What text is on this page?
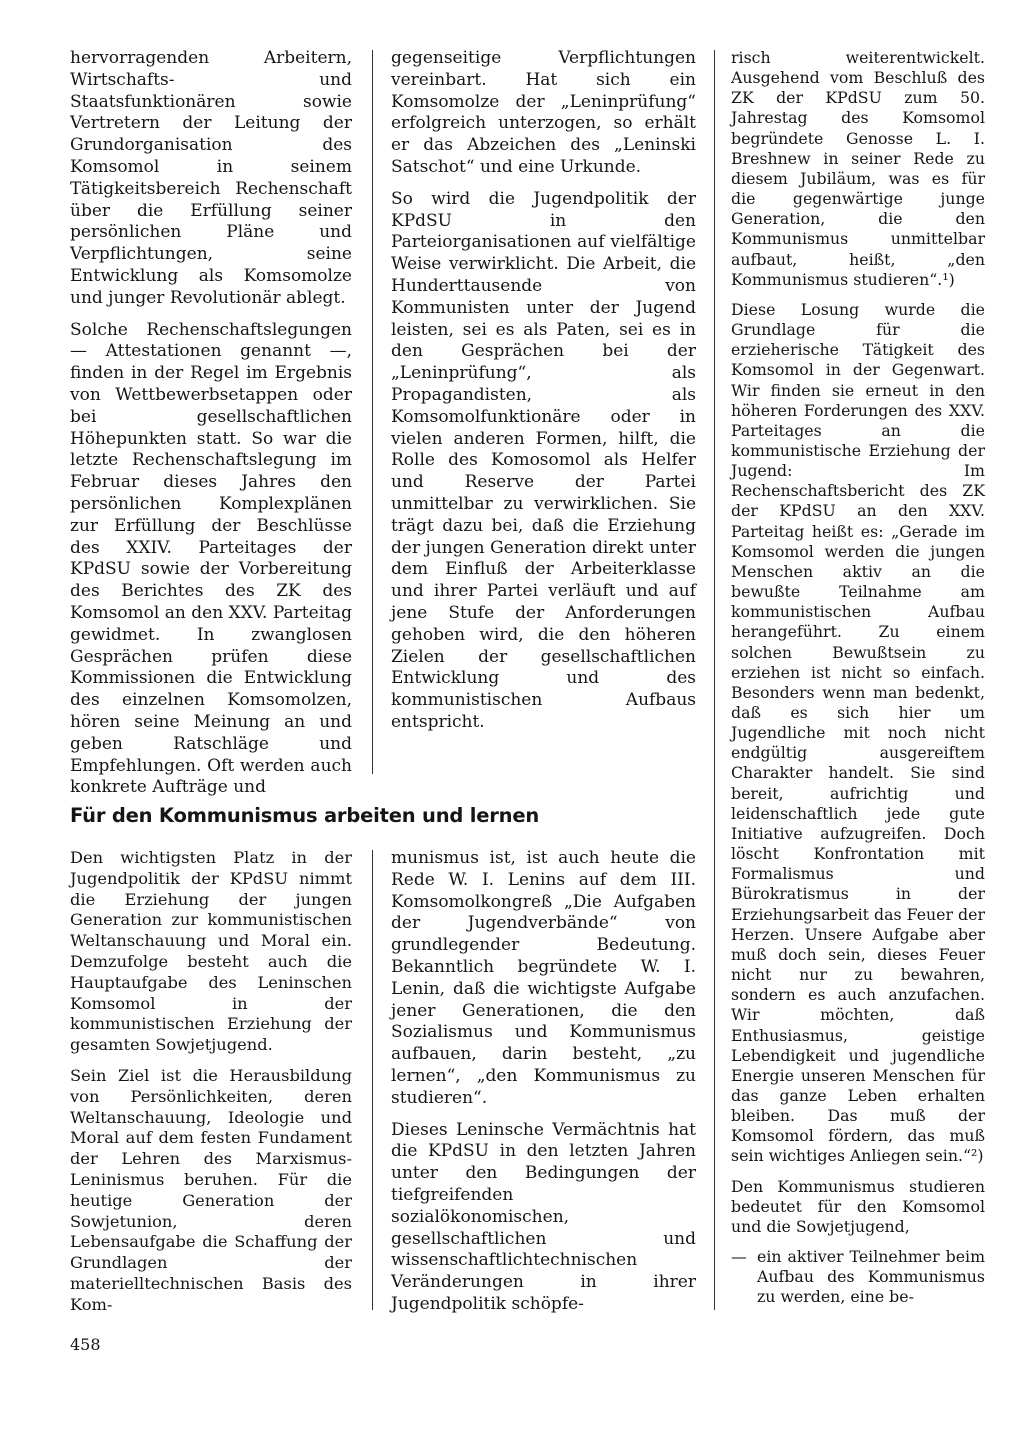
hervorragenden Arbeitern, Wirtschafts- und Staatsfunktionären sowie Vertretern der Leitung der Grundorganisation des Komsomol in seinem Tätigkeitsbereich Rechenschaft über die Erfüllung seiner persönlichen Pläne und Verpflichtungen, seine Entwicklung als Komsomolze und junger Revolutionär ablegt.

Solche Rechenschaftslegungen — Attestationen genannt —, finden in der Regel im Ergebnis von Wettbewerbsetappen oder bei gesellschaftlichen Höhepunkten statt. So war die letzte Rechenschaftslegung im Februar dieses Jahres den persönlichen Komplexplänen zur Erfüllung der Beschlüsse des XXIV. Parteitages der KPdSU sowie der Vorbereitung des Berichtes des ZK des Komsomol an den XXV. Parteitag gewidmet. In zwanglosen Gesprächen prüfen diese Kommissionen die Entwicklung des einzelnen Komsomolzen, hören seine Meinung an und geben Ratschläge und Empfehlungen. Oft werden auch konkrete Aufträge und

gegenseitige Verpflichtungen vereinbart. Hat sich ein Komsomolze der „Leninprüfung“ erfolgreich unterzogen, so erhält er das Abzeichen des „Leninski Satschot“ und eine Urkunde.

So wird die Jugendpolitik der KPdSU in den Parteiorganisationen auf vielfältige Weise verwirklicht. Die Arbeit, die Hunderttausende von Kommunisten unter der Jugend leisten, sei es als Paten, sei es in den Gesprächen bei der „Leninprüfung“, als Propagandisten, als Komsomolfunktionäre oder in vielen anderen Formen, hilft, die Rolle des Komosomol als Helfer und Reserve der Partei unmittelbar zu verwirklichen. Sie trägt dazu bei, daß die Erziehung der jungen Generation direkt unter dem Einfluß der Arbeiterklasse und ihrer Partei verläuft und auf jene Stufe der Anforderungen gehoben wird, die den höheren Zielen der gesellschaftlichen Entwicklung und des kommunistischen Aufbaus entspricht.

Für den Kommunismus arbeiten und lernen

Den wichtigsten Platz in der Jugendpolitik der KPdSU nimmt die Erziehung der jungen Generation zur kommunistischen Weltanschauung und Moral ein. Demzufolge besteht auch die Hauptaufgabe des Leninschen Komsomol in der kommunistischen Erziehung der gesamten Sowjetjugend.

Sein Ziel ist die Herausbildung von Persönlichkeiten, deren Weltanschauung, Ideologie und Moral auf dem festen Fundament der Lehren des Marxismus- Leninismus beruhen. Für die heutige Generation der Sowjetunion, deren Lebensaufgabe die Schaffung der Grundlagen der materielltechnischen Basis des Kom-

munismus ist, ist auch heute die Rede W. I. Lenins auf dem III. Komsomolkongreß „Die Aufgaben der Jugendverbände“ von grundlegender Bedeutung. Bekanntlich begründete W. I. Lenin, daß die wichtigste Aufgabe jener Generationen, die den Sozialismus und Kommunismus aufbauen, darin besteht, „zu lernen“, „den Kommunismus zu studieren“.

Dieses Leninsche Vermächtnis hat die KPdSU in den letzten Jahren unter den Bedingungen der tiefgreifenden sozialökonomischen, gesellschaftlichen und wissenschaftlichtechnischen Veränderungen in ihrer Jugendpolitik schöpfe-

risch weiterentwickelt. Ausgehend vom Beschluß des ZK der KPdSU zum 50. Jahrestag des Komsomol begründete Genosse L. I. Breshnew in seiner Rede zu diesem Jubiläum, was es für die gegenwärtige junge Generation, die den Kommunismus unmittelbar aufbaut, heißt, „den Kommunismus studieren“.¹)

Diese Losung wurde die Grundlage für die erzieherische Tätigkeit des Komsomol in der Gegenwart. Wir finden sie erneut in den höheren Forderungen des XXV. Parteitages an die kommunistische Erziehung der Jugend: Im Rechenschaftsbericht des ZK der KPdSU an den XXV. Parteitag heißt es: „Gerade im Komsomol werden die jungen Menschen aktiv an die bewußte Teilnahme am kommunistischen Aufbau herangeführt. Zu einem solchen Bewußtsein zu erziehen ist nicht so einfach. Besonders wenn man bedenkt, daß es sich hier um Jugendliche mit noch nicht endgültig ausgereiftem Charakter handelt. Sie sind bereit, aufrichtig und leidenschaftlich jede gute Initiative aufzugreifen. Doch löscht Konfrontation mit Formalismus und Bürokratismus in der Erziehungsarbeit das Feuer der Herzen. Unsere Aufgabe aber muß doch sein, dieses Feuer nicht nur zu bewahren, sondern es auch anzufachen. Wir möchten, daß Enthusiasmus, geistige Lebendigkeit und jugendliche Energie unseren Menschen für das ganze Leben erhalten bleiben. Das muß der Komsomol fördern, das muß sein wichtiges Anliegen sein.“²)

Den Kommunismus studieren bedeutet für den Komsomol und die Sowjetjugend,

— ein aktiver Teilnehmer beim Aufbau des Kommunismus zu werden, eine be-
458
